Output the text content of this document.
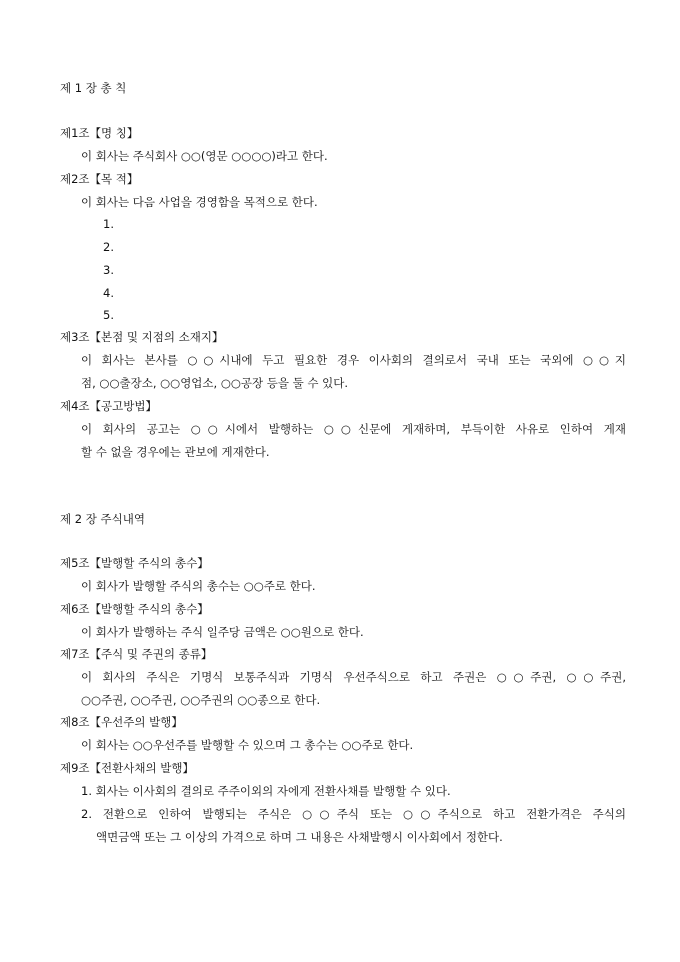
제 1 장 총 칙
제1조【명 칭】
이 회사는 주식회사 ○○(영문 ○○○○)라고 한다.
제2조【목 적】
이 회사는 다음 사업을 경영함을 목적으로 한다.
1.
2.
3.
4.
5.
제3조【본점 및 지점의 소재지】
이 회사는 본사를 ○○시내에 두고 필요한 경우 이사회의 결의로서 국내 또는 국외에 ○○지
점, ○○출장소, ○○영업소, ○○공장 등을 둘 수 있다.
제4조【공고방법】
이 회사의 공고는 ○○시에서 발행하는 ○○신문에 게재하며, 부득이한 사유로 인하여 게재
할 수 없을 경우에는 관보에 게재한다.
제 2 장 주식내역
제5조【발행할 주식의 총수】
이 회사가 발행할 주식의 총수는 ○○주로 한다.
제6조【발행할 주식의 총수】
이 회사가 발행하는 주식 일주당 금액은 ○○원으로 한다.
제7조【주식 및 주권의 종류】
이 회사의 주식은 기명식 보통주식과 기명식 우선주식으로 하고 주권은 ○○주권, ○○주권,
○○주권, ○○주권, ○○주권의 ○○종으로 한다.
제8조【우선주의 발행】
이 회사는 ○○우선주를 발행할 수 있으며 그 총수는 ○○주로 한다.
제9조【전환사채의 발행】
1. 회사는 이사회의 결의로 주주이외의 자에게 전환사채를 발행할 수 있다.
2. 전환으로 인하여 발행되는 주식은 ○○주식 또는 ○○주식으로 하고 전환가격은 주식의
액면금액 또는 그 이상의 가격으로 하며 그 내용은 사채발행시 이사회에서 정한다.
